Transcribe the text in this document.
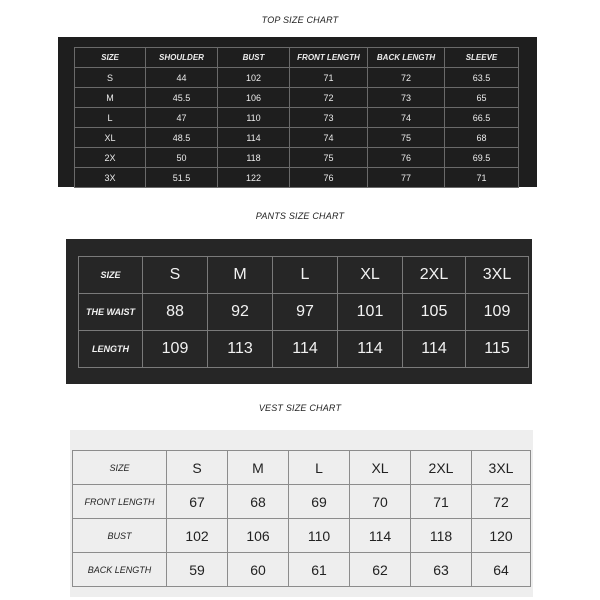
TOP SIZE CHART
SIZE	SHOULDER	BUST	FRONT LENGTH	BACK LENGTH	SLEEVE
S	44	102	71	72	63.5
M	45.5	106	72	73	65
L	47	110	73	74	66.5
XL	48.5	114	74	75	68
2X	50	118	75	76	69.5
3X	51.5	122	76	77	71
PANTS SIZE CHART
SIZE	S	M	L	XL	2XL	3XL
THE WAIST	88	92	97	101	105	109
LENGTH	109	113	114	114	114	115
VEST SIZE CHART
SIZE	S	M	L	XL	2XL	3XL
FRONT LENGTH	67	68	69	70	71	72
BUST	102	106	110	114	118	120
BACK LENGTH	59	60	61	62	63	64
